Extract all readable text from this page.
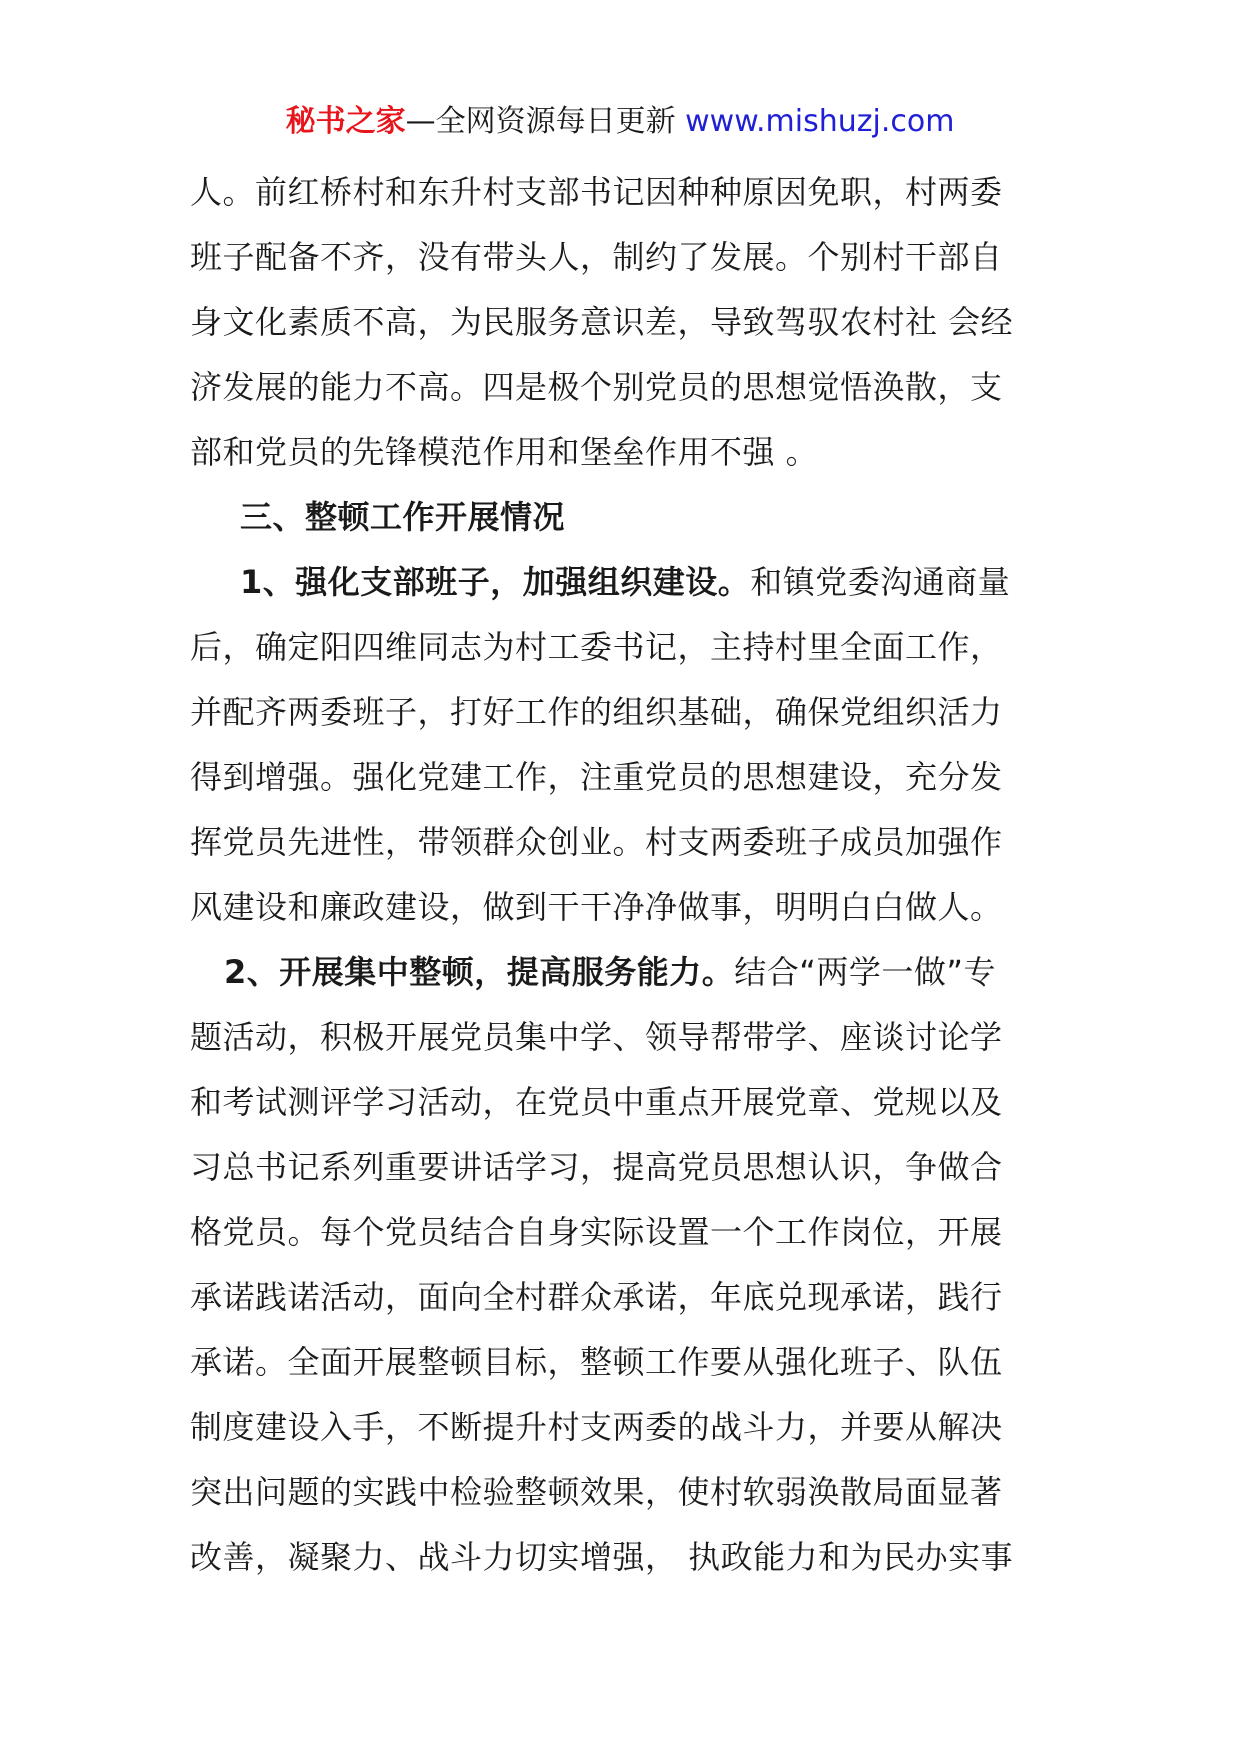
秘书之家—全网资源每日更新 www.mishuzj.com

人。前红桥村和东升村支部书记因种种原因免职，村两委
班子配备不齐，没有带头人，制约了发展。个别村干部自
身文化素质不高，为民服务意识差，导致驾驭农村社 会经
济发展的能力不高。四是极个别党员的思想觉悟涣散，支
部和党员的先锋模范作用和堡垒作用不强 。

三、整顿工作开展情况

1、强化支部班子，加强组织建设。和镇党委沟通商量
后，确定阳四维同志为村工委书记，主持村里全面工作，
并配齐两委班子，打好工作的组织基础，确保党组织活力
得到增强。强化党建工作，注重党员的思想建设，充分发
挥党员先进性，带领群众创业。村支两委班子成员加强作
风建设和廉政建设，做到干干净净做事，明明白白做人。

2、开展集中整顿，提高服务能力。结合“两学一做”专
题活动，积极开展党员集中学、领导帮带学、座谈讨论学
和考试测评学习活动，在党员中重点开展党章、党规以及
习总书记系列重要讲话学习，提高党员思想认识，争做合
格党员。每个党员结合自身实际设置一个工作岗位，开展
承诺践诺活动，面向全村群众承诺，年底兑现承诺，践行
承诺。全面开展整顿目标，整顿工作要从强化班子、队伍
制度建设入手，不断提升村支两委的战斗力，并要从解决
突出问题的实践中检验整顿效果，使村软弱涣散局面显著
改善，凝聚力、战斗力切实增强， 执政能力和为民办实事
